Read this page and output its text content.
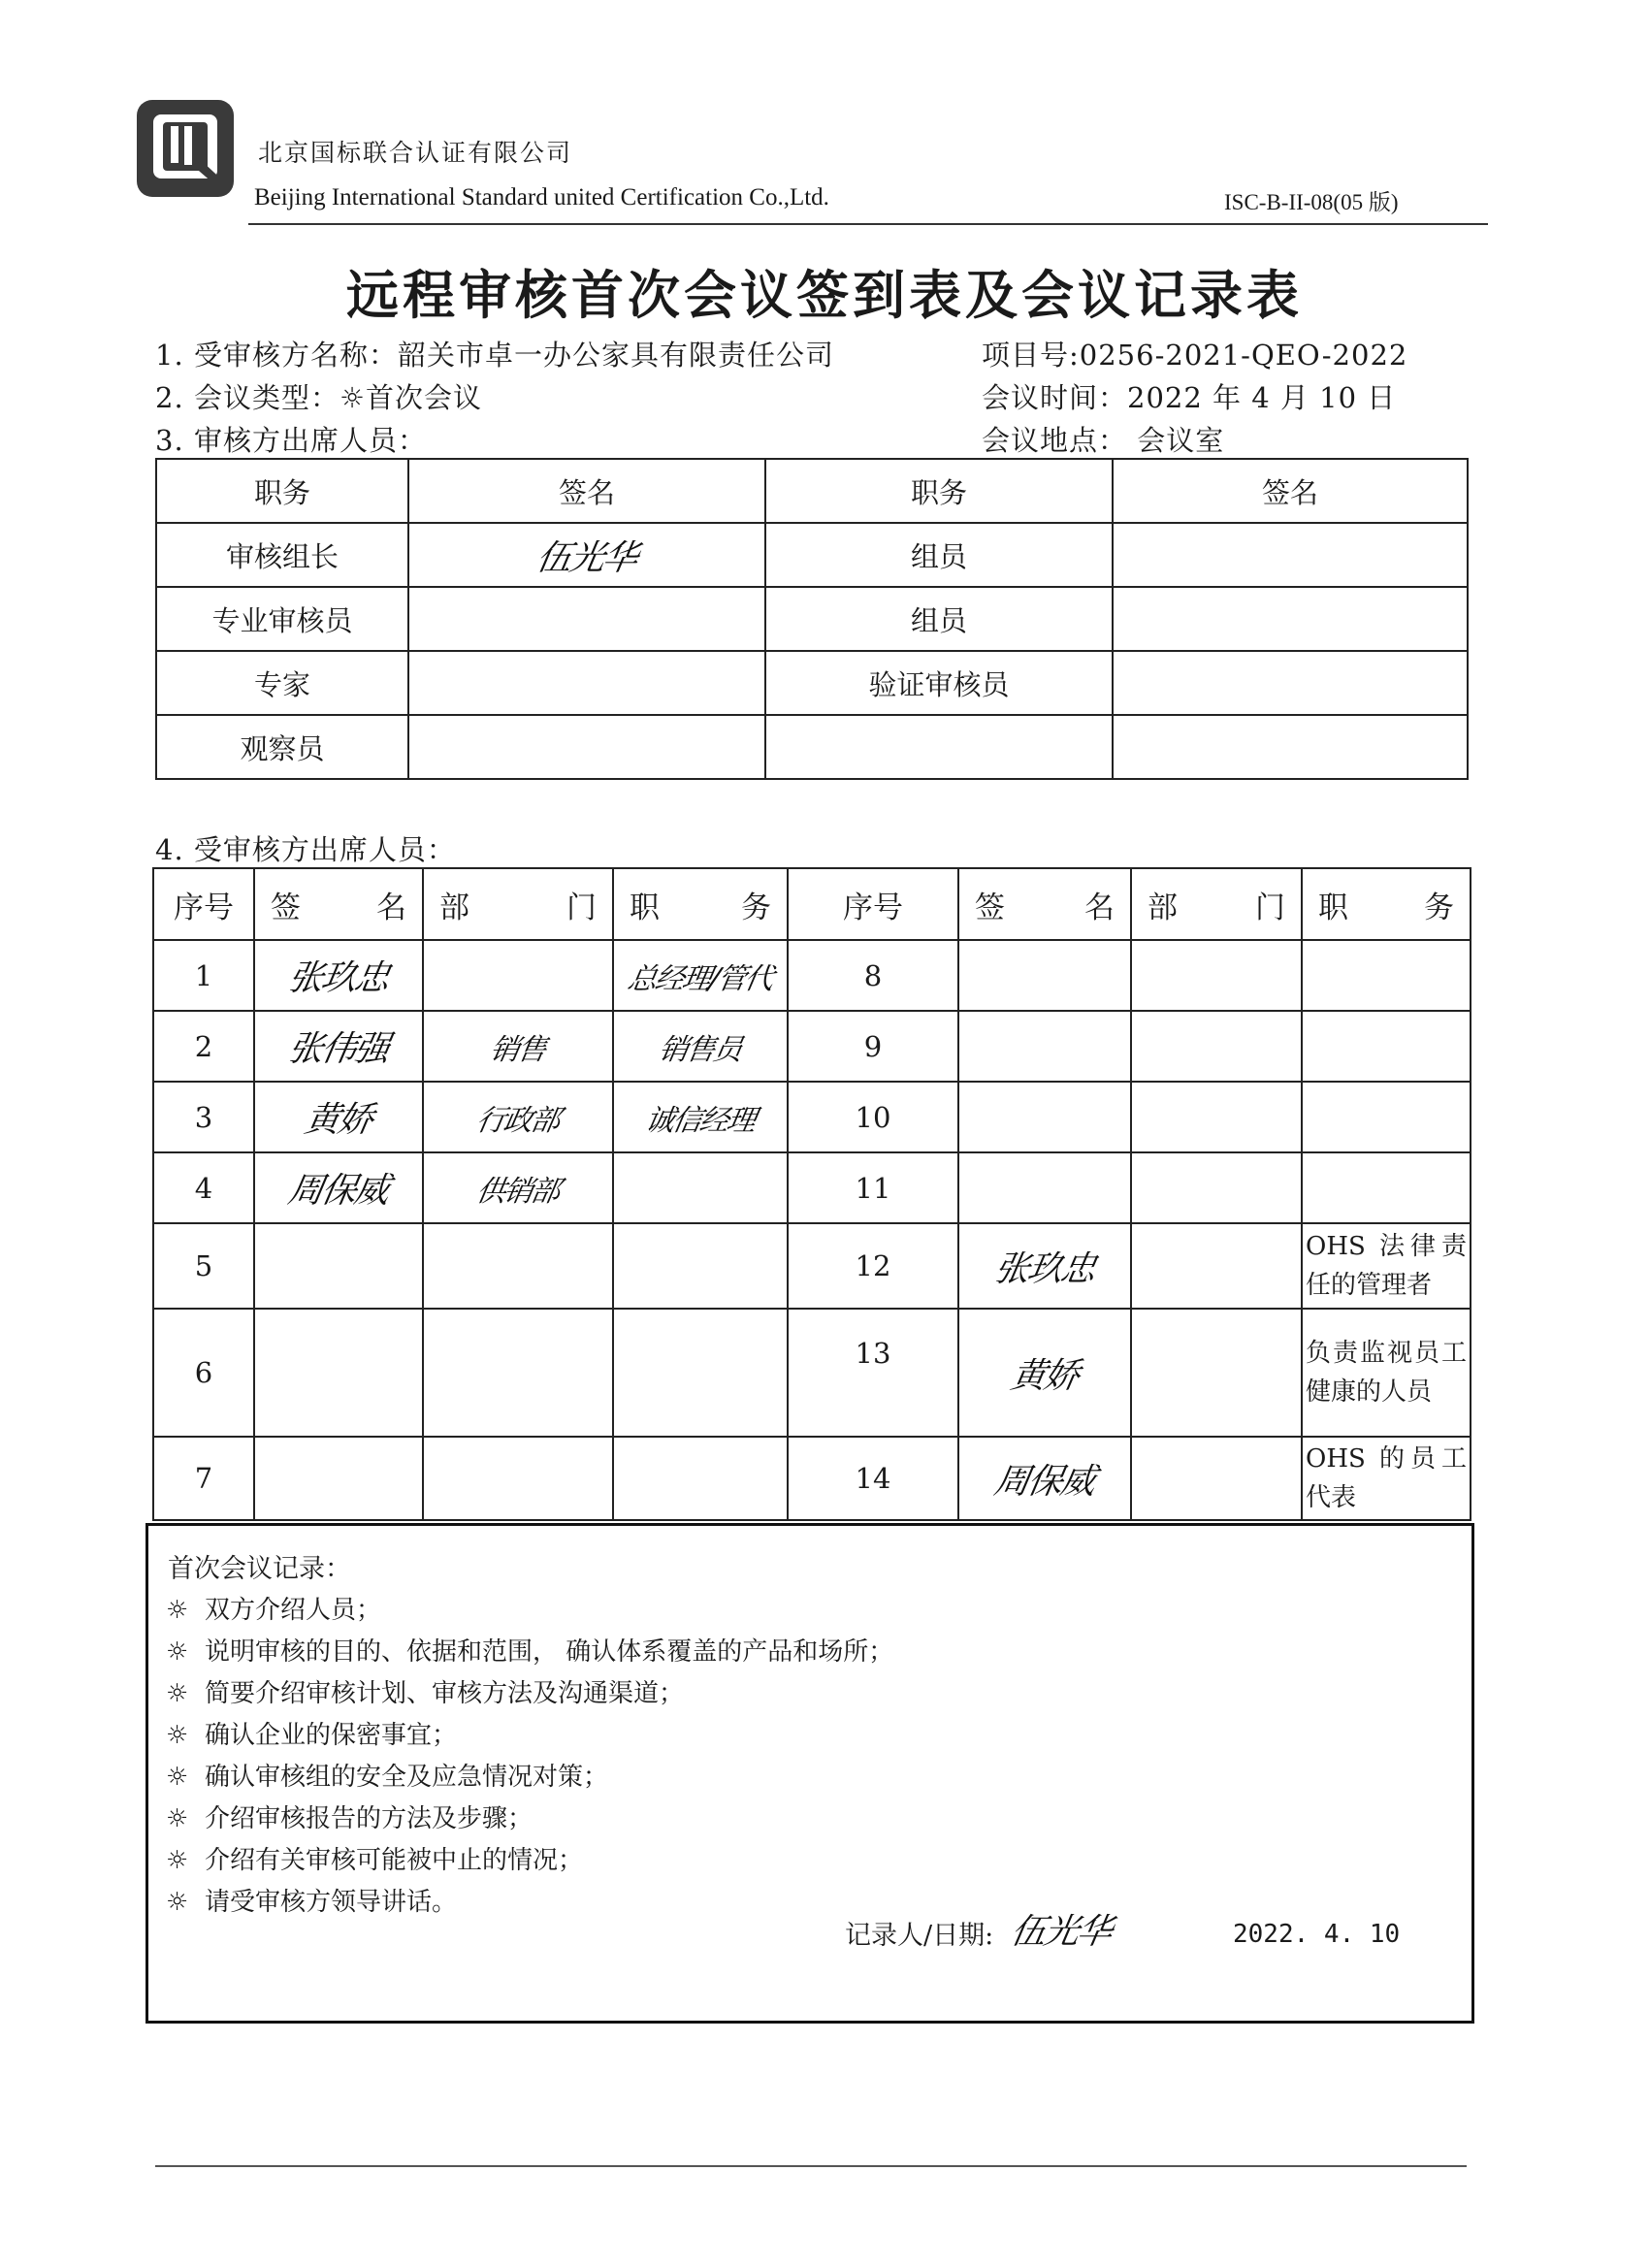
北京国标联合认证有限公司
Beijing International Standard united Certification Co.,Ltd.	ISC-B-II-08(05 版)
远程审核首次会议签到表及会议记录表
1. 受审核方名称：韶关市卓一办公家具有限责任公司	项目号:0256-2021-QEO-2022
2. 会议类型：☼首次会议	会议时间：2022 年 4 月 10 日
3. 审核方出席人员：	会议地点： 会议室
职务	签名	职务	签名
审核组长	伍光华	组员	
专业审核员		组员	
专家		验证审核员	
观察员			
4. 受审核方出席人员：
序号	签名	部门	职务	序号	签名	部门	职务
1	张玖忠		总经理/管代	8			
2	张伟强	销售	销售员	9			
3	黄娇	行政部	诚信经理	10			
4	周保威	供销部		11			
5				12	张玖忠		OHS 法律责任的管理者
6				13	黄娇		负责监视员工健康的人员
7				14	周保威		OHS 的员工代表
首次会议记录：
☼ 双方介绍人员；
☼ 说明审核的目的、依据和范围， 确认体系覆盖的产品和场所；
☼ 简要介绍审核计划、审核方法及沟通渠道；
☼ 确认企业的保密事宜；
☼ 确认审核组的安全及应急情况对策；
☼ 介绍审核报告的方法及步骤；
☼ 介绍有关审核可能被中止的情况；
☼ 请受审核方领导讲话。
记录人/日期: 伍光华	2022. 4. 10
